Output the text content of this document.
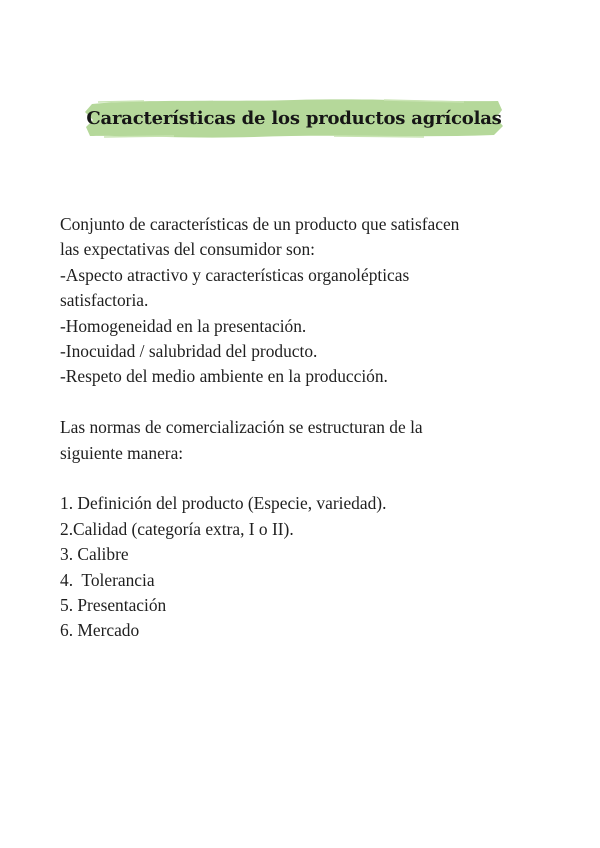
Características de los productos agrícolas
Conjunto de características de un producto que satisfacen
las expectativas del consumidor son:
-Aspecto atractivo y características organolépticas
satisfactoria.
-Homogeneidad en la presentación.
-Inocuidad / salubridad del producto.
-Respeto del medio ambiente en la producción.
Las normas de comercialización se estructuran de la
siguiente manera:
1. Definición del producto (Especie, variedad).
2.Calidad (categoría extra, I o II).
3. Calibre
4.  Tolerancia
5. Presentación
6. Mercado
